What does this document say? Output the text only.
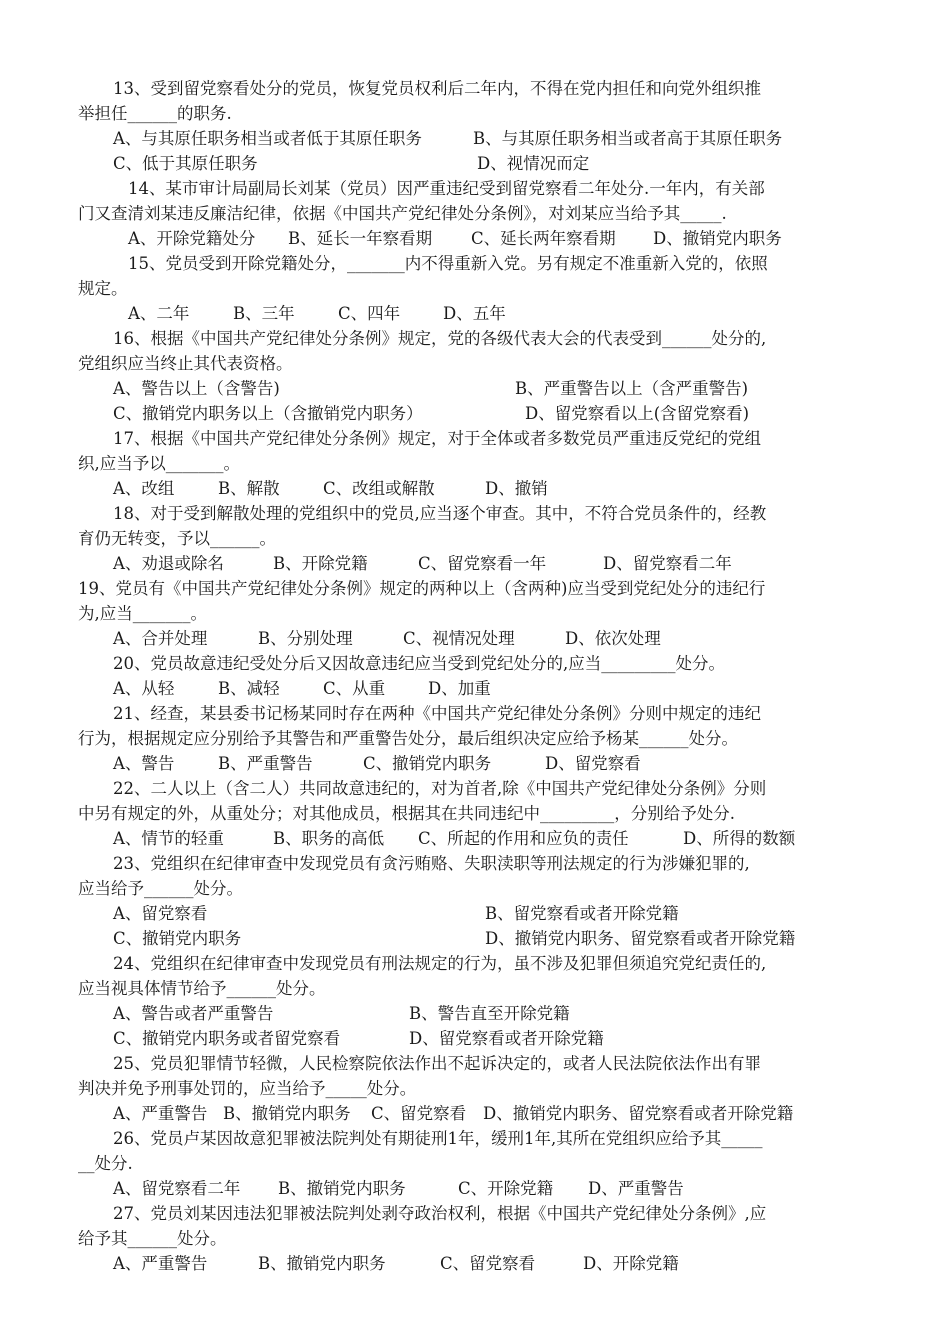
13、受到留党察看处分的党员，恢复党员权利后二年内，不得在党内担任和向党外组织推
举担任______的职务.
A、与其原任职务相当或者低于其原任职务	B、与其原任职务相当或者高于其原任职务
C、低于其原任职务	D、视情况而定
14、某市审计局副局长刘某（党员）因严重违纪受到留党察看二年处分.一年内，有关部
门又查清刘某违反廉洁纪律，依据《中国共产党纪律处分条例》，对刘某应当给予其_____.
A、开除党籍处分 B、延长一年察看期 C、延长两年察看期 D、撤销党内职务
15、党员受到开除党籍处分，_______内不得重新入党。另有规定不准重新入党的，依照
规定。
A、二年	B、三年	C、四年	D、五年
16、根据《中国共产党纪律处分条例》规定，党的各级代表大会的代表受到______处分的,
党组织应当终止其代表资格。
A、警告以上（含警告)	B、严重警告以上（含严重警告)
C、撤销党内职务以上（含撤销党内职务）	D、留党察看以上(含留党察看)
17、根据《中国共产党纪律处分条例》规定，对于全体或者多数党员严重违反党纪的党组
织,应当予以_______。
A、改组	B、解散	C、改组或解散	D、撤销
18、对于受到解散处理的党组织中的党员,应当逐个审查。其中，不符合党员条件的，经教
育仍无转变，予以______。
A、劝退或除名	B、开除党籍	C、留党察看一年	D、留党察看二年
19、党员有《中国共产党纪律处分条例》规定的两种以上（含两种)应当受到党纪处分的违纪行
为,应当_______。
A、合并处理	B、分别处理	C、视情况处理	D、依次处理
20、党员故意违纪受处分后又因故意违纪应当受到党纪处分的,应当_________处分。
A、从轻	B、减轻	C、从重	D、加重
21、经查，某县委书记杨某同时存在两种《中国共产党纪律处分条例》分则中规定的违纪
行为，根据规定应分别给予其警告和严重警告处分，最后组织决定应给予杨某______处分。
A、警告	B、严重警告	C、撤销党内职务	D、留党察看
22、二人以上（含二人）共同故意违纪的，对为首者,除《中国共产党纪律处分条例》分则
中另有规定的外，从重处分；对其他成员，根据其在共同违纪中_________，分别给予处分.
A、情节的轻重	B、职务的高低 C、所起的作用和应负的责任	D、所得的数额
23、党组织在纪律审查中发现党员有贪污贿赂、失职渎职等刑法规定的行为涉嫌犯罪的,
应当给予______处分。
A、留党察看	B、留党察看或者开除党籍
C、撤销党内职务	D、撤销党内职务、留党察看或者开除党籍
24、党组织在纪律审查中发现党员有刑法规定的行为，虽不涉及犯罪但须追究党纪责任的,
应当视具体情节给予______处分。
A、警告或者严重警告	B、警告直至开除党籍
C、撤销党内职务或者留党察看	D、留党察看或者开除党籍
25、党员犯罪情节轻微，人民检察院依法作出不起诉决定的，或者人民法院依法作出有罪
判决并免予刑事处罚的，应当给予_____处分。
A、严重警告 B、撤销党内职务 C、留党察看 D、撤销党内职务、留党察看或者开除党籍
26、党员卢某因故意犯罪被法院判处有期徒刑1年，缓刑1年,其所在党组织应给予其_____
__处分.
A、留党察看二年 B、撤销党内职务	C、开除党籍 D、严重警告
27、党员刘某因违法犯罪被法院判处剥夺政治权利，根据《中国共产党纪律处分条例》,应
给予其______处分。
A、严重警告	B、撤销党内职务	C、留党察看	D、开除党籍
